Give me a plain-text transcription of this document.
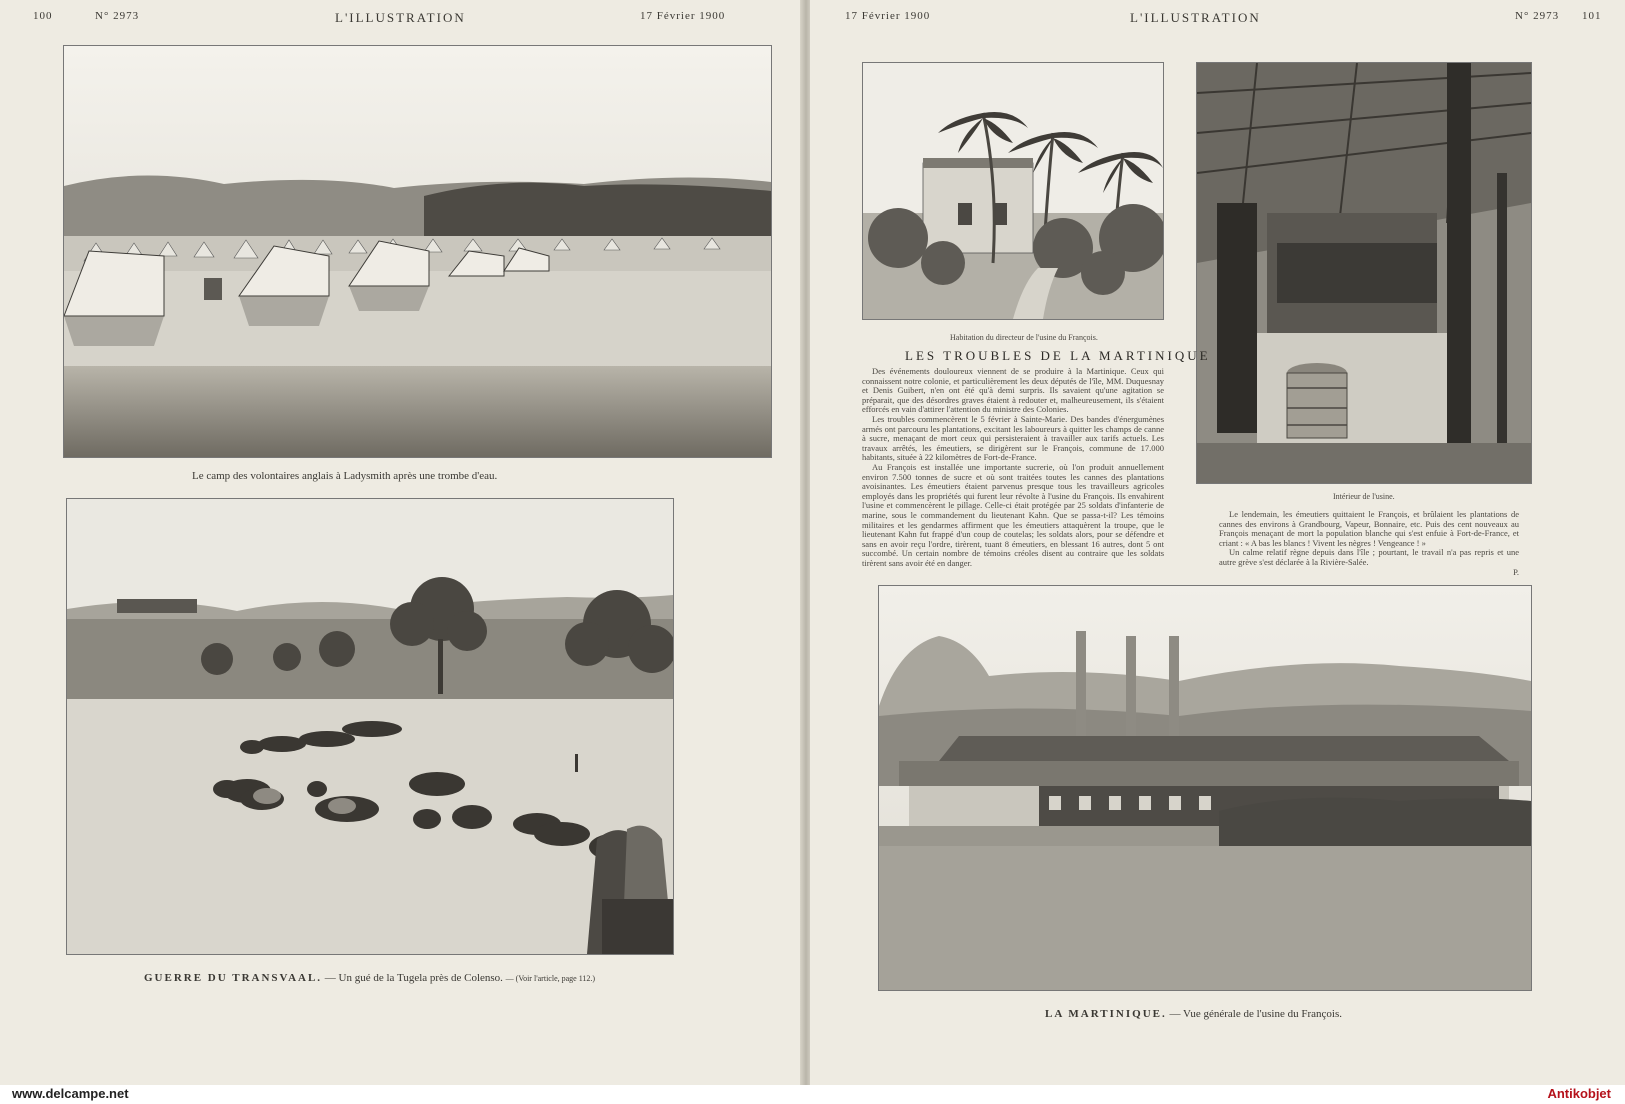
100	N° 2973	L'ILLUSTRATION	17 Février 1900
Le camp des volontaires anglais à Ladysmith après une trombe d'eau.
GUERRE DU TRANSVAAL. — Un gué de la Tugela près de Colenso. — (Voir l'article, page 112.)
17 Février 1900	L'ILLUSTRATION	N° 2973 101
Habitation du directeur de l'usine du François.
Intérieur de l'usine.
LES TROUBLES DE LA MARTINIQUE

Des événements douloureux viennent de se produire à la Martinique. Ceux qui connaissent notre colonie, et particulièrement les deux députés de l'île, MM. Duquesnay et Denis Guibert, n'en ont été qu'à demi surpris. Ils savaient qu'une agitation se préparait, que des désordres graves étaient à redouter et, malheureusement, ils s'étaient efforcés en vain d'attirer l'attention du ministre des Colonies.

Les troubles commencèrent le 5 février à Sainte-Marie. Des bandes d'énergumènes armés ont parcouru les plantations, excitant les laboureurs à quitter les champs de canne à sucre, menaçant de mort ceux qui persisteraient à travailler aux tarifs actuels. Les travaux arrêtés, les émeutiers, se dirigèrent sur le François, commune de 17.000 habitants, située à 22 kilomètres de Fort-de-France.

Au François est installée une importante sucrerie, où l'on produit annuellement environ 7.500 tonnes de sucre et où sont traitées toutes les cannes des plantations avoisinantes. Les émeutiers étaient parvenus presque tous les travailleurs agricoles employés dans les propriétés qui furent leur révolte à l'usine du François. Ils envahirent l'usine et commencèrent le pillage. Celle-ci était protégée par 25 soldats d'infanterie de marine, sous le commandement du lieutenant Kahn. Que se passa-t-il? Les témoins militaires et les gendarmes affirment que les émeutiers attaquèrent la troupe, que le lieutenant Kahn fut frappé d'un coup de coutelas; les soldats alors, pour se défendre et sans en avoir reçu l'ordre, tirèrent, tuant 8 émeutiers, en blessant 16 autres, dont 5 ont succombé. Un certain nombre de témoins créoles disent au contraire que les soldats tirèrent sans avoir été en danger.

Le lendemain, les émeutiers quittaient le François, et brûlaient les plantations de cannes des environs à Grandbourg, Vapeur, Bonnaire, etc. Puis des cent nouveaux au François menaçant de mort la population blanche qui s'est enfuie à Fort-de-France, et criant : « A bas les blancs ! Vivent les nègres ! Vengeance ! »

Un calme relatif règne depuis dans l'île ; pourtant, le travail n'a pas repris et une autre grève s'est déclarée à la Rivière-Salée.

P.
LA MARTINIQUE. — Vue générale de l'usine du François.
www.delcampe.net	Antikobjet
